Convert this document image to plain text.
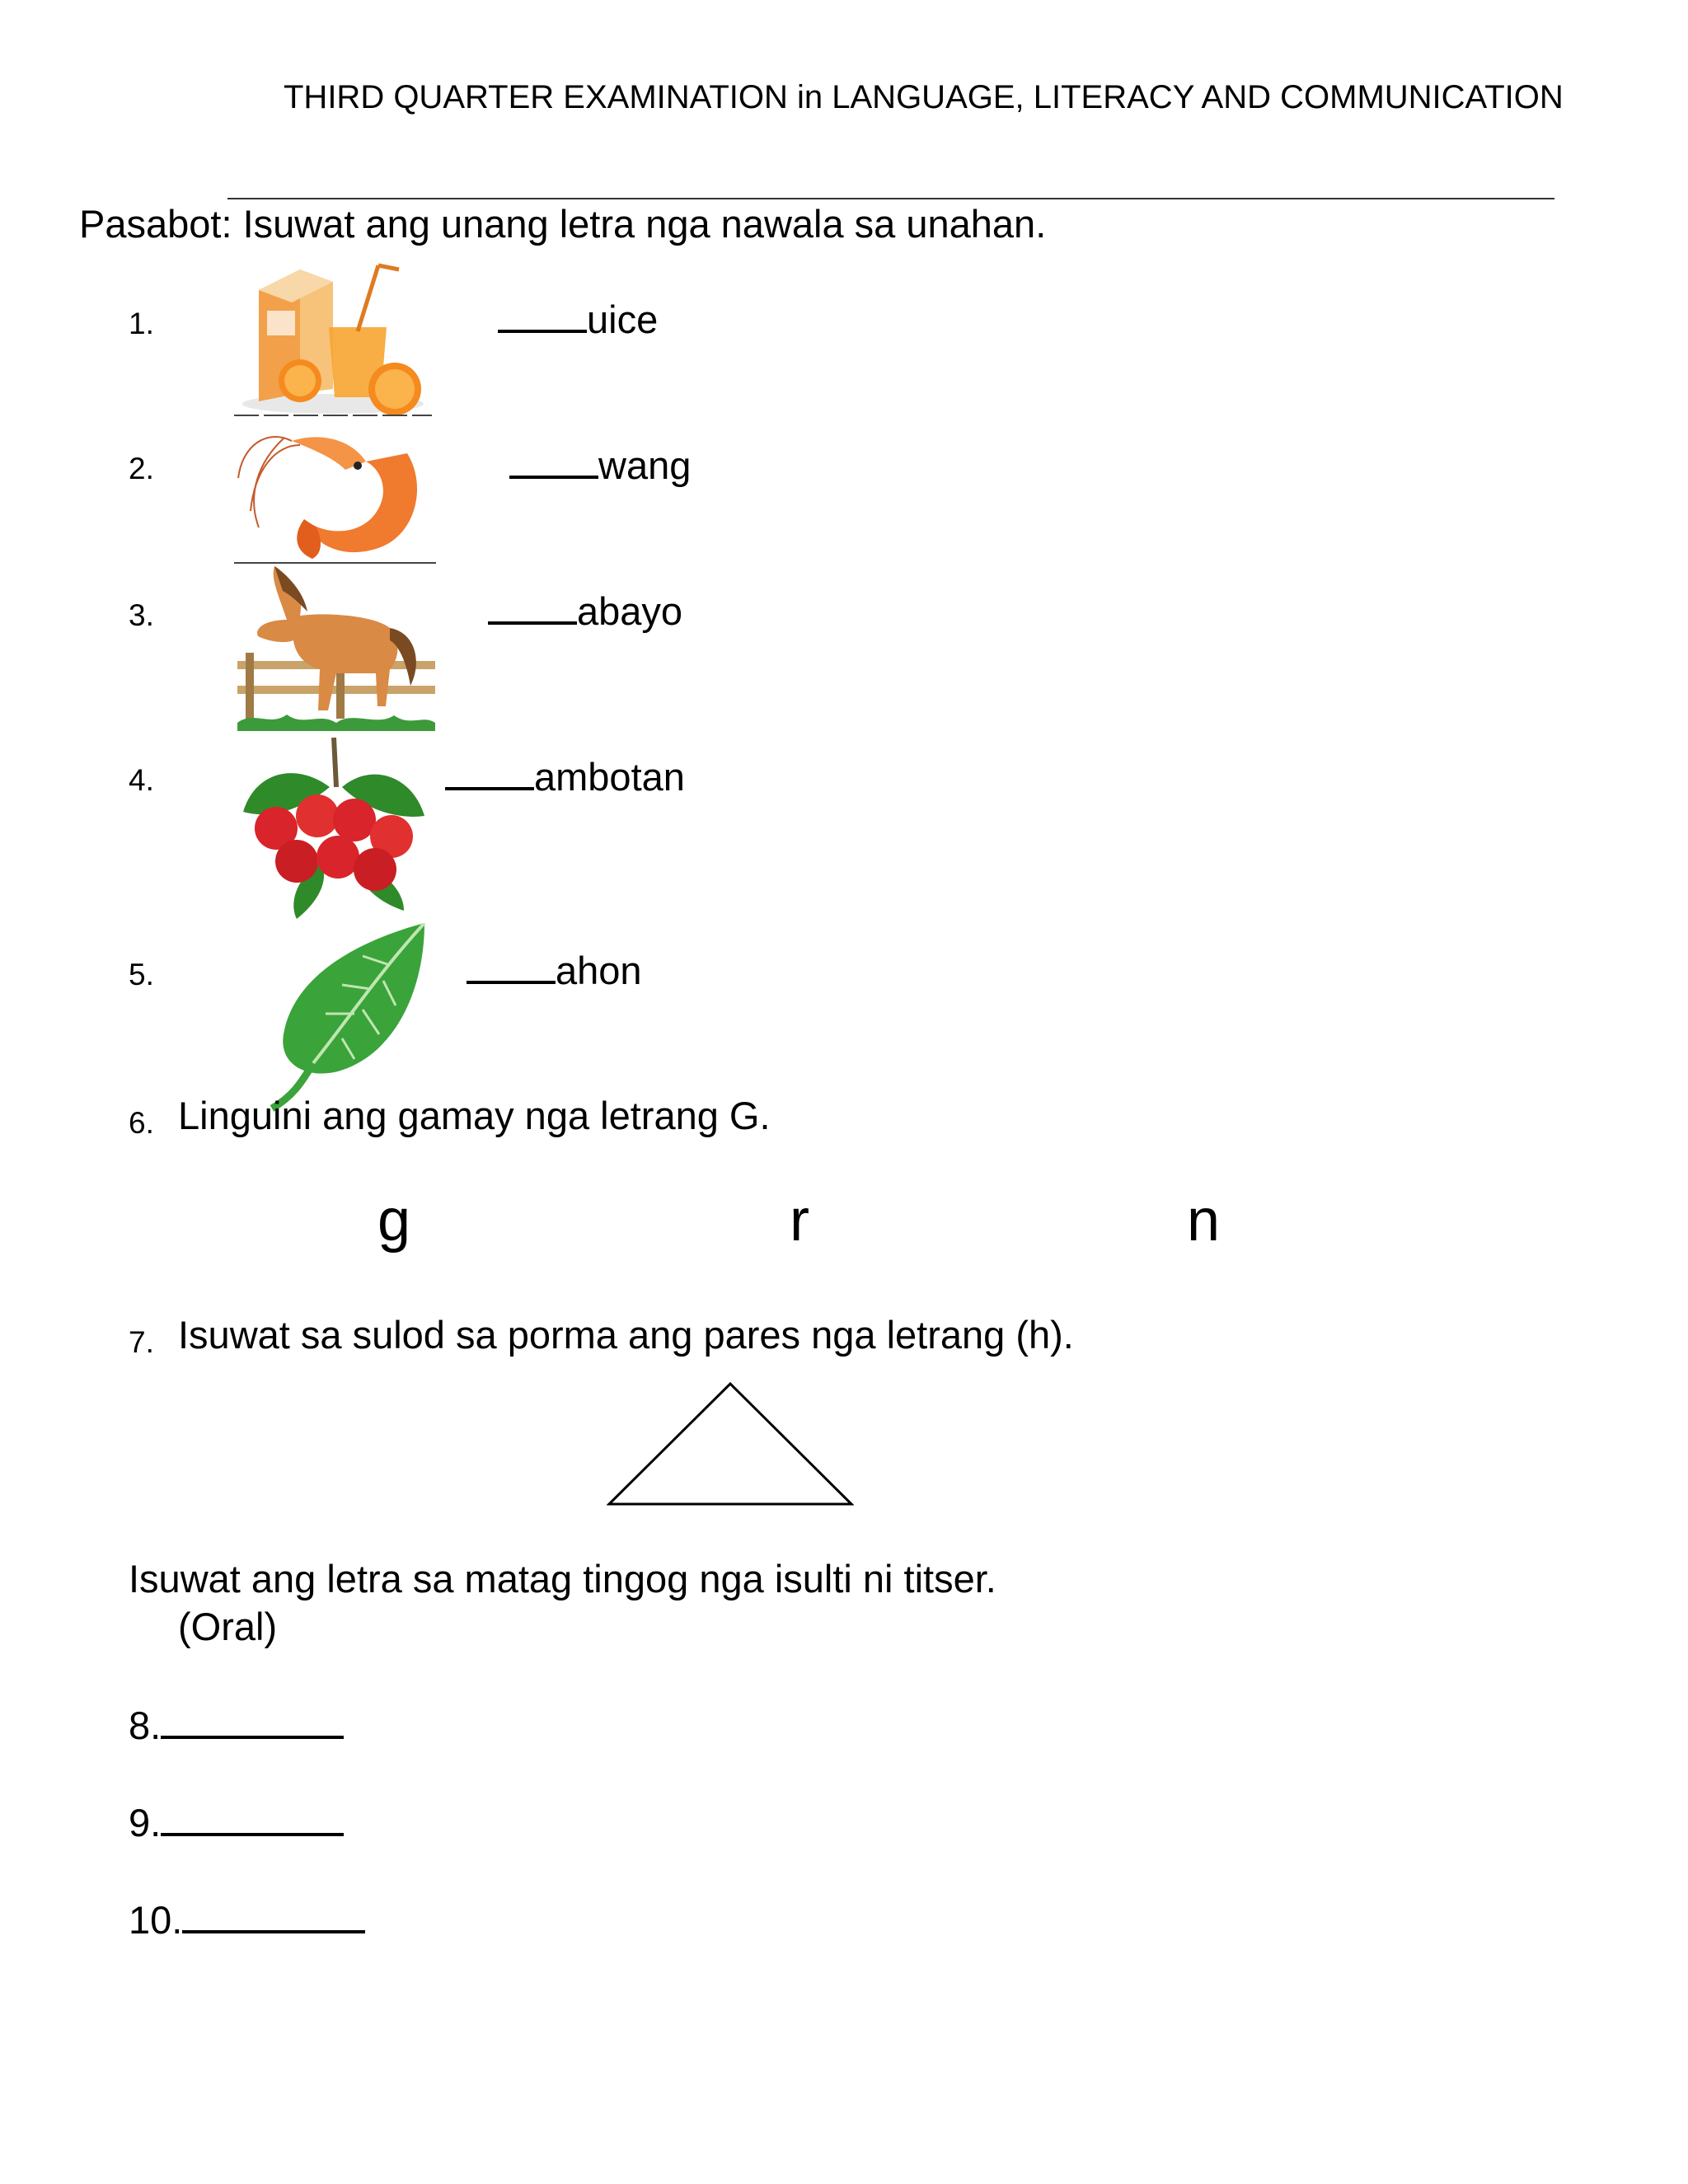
THIRD QUARTER EXAMINATION in LANGUAGE, LITERACY AND COMMUNICATION
Pasabot: Isuwat ang unang letra nga nawala sa unahan.
1.	uice
2.	wang
3.	abayo
4.	ambotan
5.	ahon
6. Linguini ang gamay nga letrang G.
g	r	n
7. Isuwat sa sulod sa porma ang pares nga letrang (h).
Isuwat ang letra sa matag tingog nga isulti ni titser.
(Oral)
8.
9.
10.
